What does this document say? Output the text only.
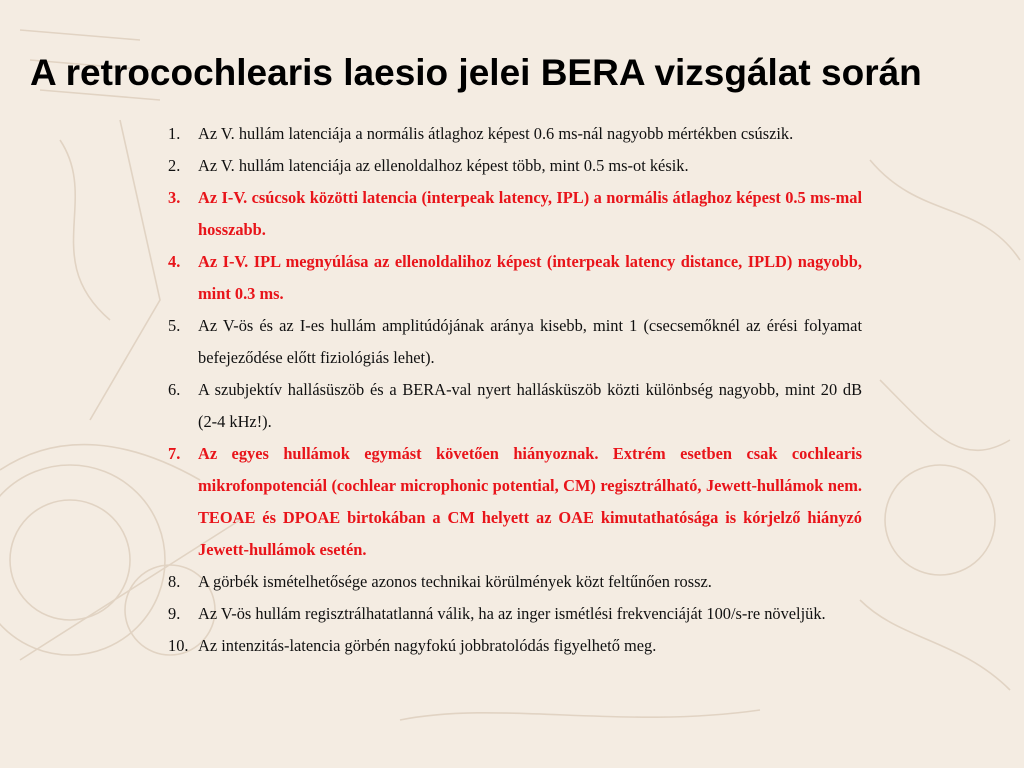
A retrocochlearis laesio jelei BERA vizsgálat során
1.	Az V. hullám latenciája a normális átlaghoz képest 0.6 ms-nál nagyobb mértékben csúszik.
2.	Az V. hullám latenciája az ellenoldalhoz képest több, mint 0.5 ms-ot késik.
3.	Az I-V. csúcsok közötti latencia (interpeak latency, IPL) a normális átlaghoz képest 0.5 ms-mal hosszabb.
4.	Az I-V. IPL megnyúlása az ellenoldalihoz képest (interpeak latency distance, IPLD) nagyobb, mint 0.3 ms.
5.	Az V-ös és az I-es hullám amplitúdójának aránya kisebb, mint 1 (csecsemőknél az érési folyamat befejeződése előtt fiziológiás lehet).
6.	A szubjektív hallásüszöb és a BERA-val nyert hallásküszöb közti különbség nagyobb, mint 20 dB (2-4 kHz!).
7.	Az egyes hullámok egymást követően hiányoznak. Extrém esetben csak cochlearis mikrofonpotenciál (cochlear microphonic potential, CM) regisztrálható, Jewett-hullámok nem. TEOAE és DPOAE birtokában a CM helyett az OAE kimutathatósága is kórjelző hiányzó Jewett-hullámok esetén.
8.	A görbék ismételhetősége azonos technikai körülmények közt feltűnően rossz.
9.	Az V-ös hullám regisztrálhatatlanná válik, ha az inger ismétlési frekvenciáját 100/s-re növeljük.
10. Az intenzitás-latencia görbén nagyfokú jobbratolódás figyelhető meg.
